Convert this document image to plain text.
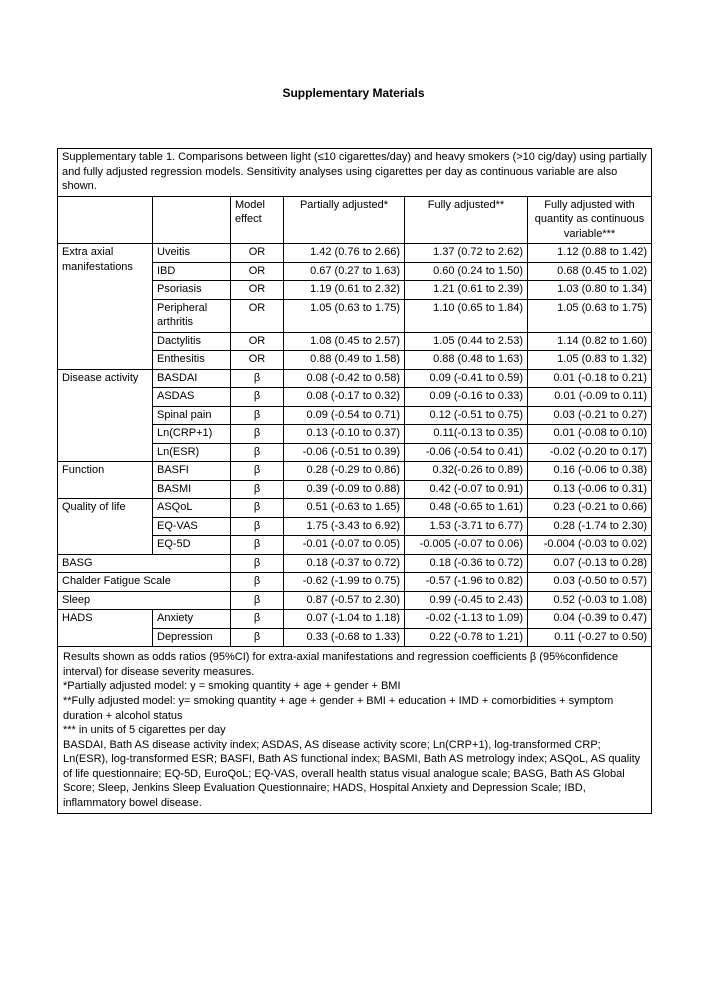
Supplementary Materials
Supplementary table 1. Comparisons between light (≤10 cigarettes/day) and heavy smokers (>10 cig/day) using partially and fully adjusted regression models. Sensitivity analyses using cigarettes per day as continuous variable are also shown.					
		Model effect	Partially adjusted*	Fully adjusted**	Fully adjusted with quantity as continuous variable***
Extra axial manifestations	Uveitis	OR	1.42 (0.76 to 2.66)	1.37 (0.72 to 2.62)	1.12 (0.88 to 1.42)
	IBD	OR	0.67 (0.27 to 1.63)	0.60 (0.24 to 1.50)	0.68 (0.45 to 1.02)
	Psoriasis	OR	1.19 (0.61 to 2.32)	1.21 (0.61 to 2.39)	1.03 (0.80 to 1.34)
	Peripheral arthritis	OR	1.05 (0.63 to 1.75)	1.10 (0.65 to 1.84)	1.05 (0.63 to 1.75)
	Dactylitis	OR	1.08 (0.45 to 2.57)	1.05 (0.44 to 2.53)	1.14 (0.82 to 1.60)
	Enthesitis	OR	0.88 (0.49 to 1.58)	0.88 (0.48 to 1.63)	1.05 (0.83 to 1.32)
Disease activity	BASDAI	β	0.08 (-0.42 to 0.58)	0.09 (-0.41 to 0.59)	0.01 (-0.18 to 0.21)
	ASDAS	β	0.08 (-0.17 to 0.32)	0.09 (-0.16 to 0.33)	0.01 (-0.09 to 0.11)
	Spinal pain	β	0.09 (-0.54 to 0.71)	0.12 (-0.51 to 0.75)	0.03 (-0.21 to 0.27)
	Ln(CRP+1)	β	0.13 (-0.10 to 0.37)	0.11(-0.13 to 0.35)	0.01 (-0.08 to 0.10)
	Ln(ESR)	β	-0.06 (-0.51 to 0.39)	-0.06 (-0.54 to 0.41)	-0.02 (-0.20 to 0.17)
Function	BASFI	β	0.28 (-0.29 to 0.86)	0.32(-0.26 to 0.89)	0.16 (-0.06 to 0.38)
	BASMI	β	0.39 (-0.09 to 0.88)	0.42 (-0.07 to 0.91)	0.13 (-0.06 to 0.31)
Quality of life	ASQoL	β	0.51 (-0.63 to 1.65)	0.48 (-0.65 to 1.61)	0.23 (-0.21 to 0.66)
	EQ-VAS	β	1.75 (-3.43 to 6.92)	1.53 (-3.71 to 6.77)	0.28 (-1.74 to 2.30)
	EQ-5D	β	-0.01 (-0.07 to 0.05)	-0.005 (-0.07 to 0.06)	-0.004 (-0.03 to 0.02)
BASG		β	0.18 (-0.37 to 0.72)	0.18 (-0.36 to 0.72)	0.07 (-0.13 to 0.28)
Chalder Fatigue Scale		β	-0.62 (-1.99 to 0.75)	-0.57 (-1.96 to 0.82)	0.03 (-0.50 to 0.57)
Sleep		β	0.87 (-0.57 to 2.30)	0.99 (-0.45 to 2.43)	0.52 (-0.03 to 1.08)
HADS	Anxiety	β	0.07 (-1.04 to 1.18)	-0.02 (-1.13 to 1.09)	0.04 (-0.39 to 0.47)
	Depression	β	0.33 (-0.68 to 1.33)	0.22 (-0.78 to 1.21)	0.11 (-0.27 to 0.50)

Results shown as odds ratios (95%CI) for extra-axial manifestations and regression coefficients β (95%confidence interval) for disease severity measures.

*Partially adjusted model: y = smoking quantity + age + gender + BMI

**Fully adjusted model: y= smoking quantity + age + gender + BMI + education + IMD + comorbidities + symptom duration + alcohol status

*** in units of 5 cigarettes per day

BASDAI, Bath AS disease activity index; ASDAS, AS disease activity score; Ln(CRP+1), log-transformed CRP; Ln(ESR), log-transformed ESR; BASFI, Bath AS functional index; BASMI, Bath AS metrology index; ASQoL, AS quality of life questionnaire; EQ-5D, EuroQoL; EQ-VAS, overall health status visual analogue scale; BASG, Bath AS Global Score; Sleep, Jenkins Sleep Evaluation Questionnaire; HADS, Hospital Anxiety and Depression Scale; IBD, inflammatory bowel disease.					
